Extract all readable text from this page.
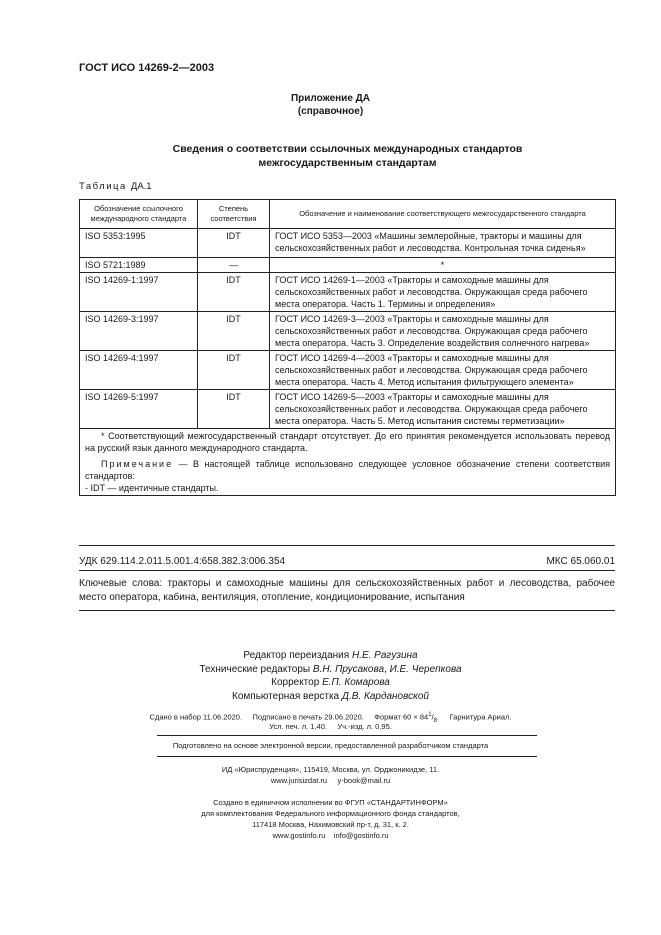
ГОСТ ИСО 14269-2—2003
Приложение ДА
(справочное)
Сведения о соответствии ссылочных международных стандартов
межгосударственным стандартам
Таблица ДА.1
Обозначение ссылочного международного стандарта	Степень соответствия	Обозначение и наименование соответствующего межгосударственного стандарта
ISO 5353:1995	IDT	ГОСТ ИСО 5353—2003 «Машины землеройные, тракторы и машины для сельскохозяйственных работ и лесоводства. Контрольная точка сиденья»
ISO 5721:1989	—	*
ISO 14269-1:1997	IDT	ГОСТ ИСО 14269-1—2003 «Тракторы и самоходные машины для сельскохозяйственных работ и лесоводства. Окружающая среда рабочего места оператора. Часть 1. Термины и определения»
ISO 14269-3:1997	IDT	ГОСТ ИСО 14269-3—2003 «Тракторы и самоходные машины для сельскохозяйственных работ и лесоводства. Окружающая среда рабочего места оператора. Часть 3. Определение воздействия солнечного нагрева»
ISO 14269-4:1997	IDT	ГОСТ ИСО 14269-4—2003 «Тракторы и самоходные машины для сельскохозяйственных работ и лесоводства. Окружающая среда рабочего места оператора. Часть 4. Метод испытания фильтрующего элемента»
ISO 14269-5:1997	IDT	ГОСТ ИСО 14269-5—2003 «Тракторы и самоходные машины для сельскохозяйственных работ и лесоводства. Окружающая среда рабочего места оператора. Часть 5. Метод испытания системы герметизации»

* Соответствующий межгосударственный стандарт отсутствует. До его принятия рекомендуется использовать перевод на русский язык данного международного стандарта.

Примечание — В настоящей таблице использовано следующее условное обозначение степени соответствия стандартов:

- IDT — идентичные стандарты.		

УДК 629.114.2.011.5.001.4:658.382.3:006.354	МКС 65.060.01
Ключевые слова: тракторы и самоходные машины для сельскохозяйственных работ и лесоводства, рабочее место оператора, кабина, вентиляция, отопление, кондиционирование, испытания
Редактор переиздания Н.Е. Рагузина
Технические редакторы В.Н. Прусакова, И.Е. Черепкова
Корректор Е.П. Комарова
Компьютерная верстка Д.В. Кардановской
Сдано в набор 11.06.2020. Подписано в печать 29.06.2020. Формат $60 \times 84^1/_8$.     Гарнитура Ариал.
Усл. печ. л. 1,40. Уч.-изд. л. 0,95.
Подготовлено на основе электронной версии, предоставленной разработчиком стандарта
ИД «Юриспруденция», 115419, Москва, ул. Орджоникидзе, 11.
www.jurisizdat.ru y-book@mail.ru
Создано в единичном исполнении во ФГУП «СТАНДАРТИНФОРМ»
для комплектования Федерального информационного фонда стандартов,
117418 Москва, Нахимовский пр-т, д. 31, к. 2.
www.gostinfo.ru info@gostinfo.ru
